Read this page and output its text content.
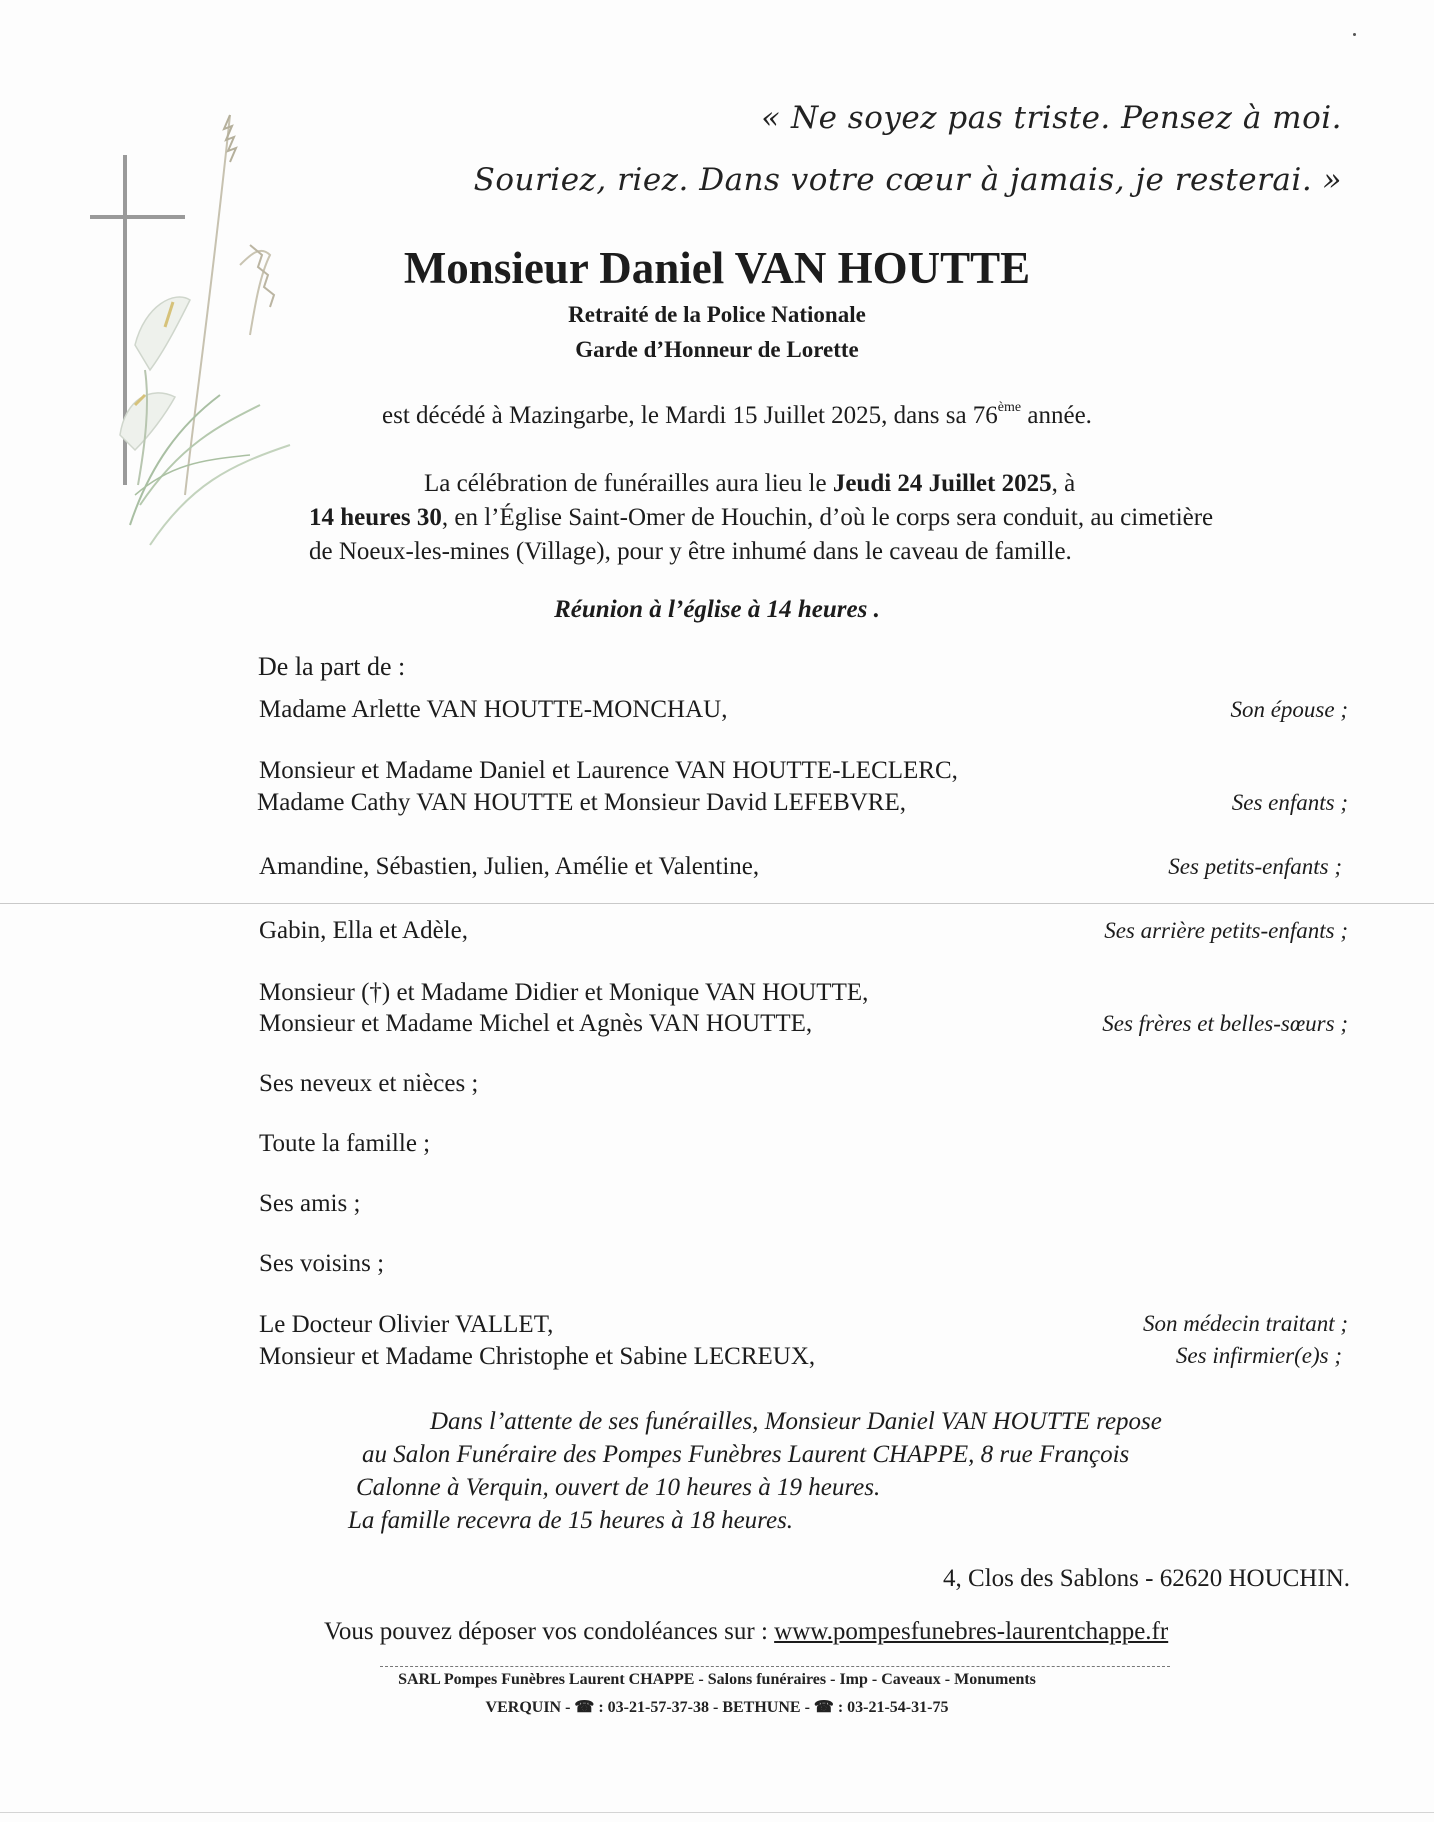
« Ne soyez pas triste. Pensez à moi.
Souriez, riez. Dans votre cœur à jamais, je resterai. »
Monsieur Daniel VAN HOUTTE
Retraité de la Police Nationale
Garde d’Honneur de Lorette
est décédé à Mazingarbe, le Mardi 15 Juillet 2025, dans sa 76ème année.
La célébration de funérailles aura lieu le Jeudi 24 Juillet 2025, à
14 heures 30, en l’Église Saint-Omer de Houchin, d’où le corps sera conduit, au cimetière
de Noeux-les-mines (Village), pour y être inhumé dans le caveau de famille.
Réunion à l’église à 14 heures .
De la part de :
Madame Arlette VAN HOUTTE-MONCHAU,	Son épouse ;
Monsieur et Madame Daniel et Laurence VAN HOUTTE-LECLERC,
Madame Cathy VAN HOUTTE et Monsieur David LEFEBVRE,	Ses enfants ;
Amandine, Sébastien, Julien, Amélie et Valentine,	Ses petits-enfants ;
Gabin, Ella et Adèle,	Ses arrière petits-enfants ;
Monsieur (†) et Madame Didier et Monique VAN HOUTTE,
Monsieur et Madame Michel et Agnès VAN HOUTTE,	Ses frères et belles-sœurs ;
Ses neveux et nièces ;
Toute la famille ;
Ses amis ;
Ses voisins ;
Le Docteur Olivier VALLET,	Son médecin traitant ;
Monsieur et Madame Christophe et Sabine LECREUX,	Ses infirmier(e)s ;
Dans l’attente de ses funérailles, Monsieur Daniel VAN HOUTTE repose
au Salon Funéraire des Pompes Funèbres Laurent CHAPPE, 8 rue François
Calonne à Verquin, ouvert de 10 heures à 19 heures.
La famille recevra de 15 heures à 18 heures.
4, Clos des Sablons - 62620 HOUCHIN.
Vous pouvez déposer vos condoléances sur : www.pompesfunebres-laurentchappe.fr
SARL Pompes Funèbres Laurent CHAPPE - Salons funéraires - Imp - Caveaux - Monuments
VERQUIN - ☎ : 03-21-57-37-38 - BETHUNE - ☎ : 03-21-54-31-75
